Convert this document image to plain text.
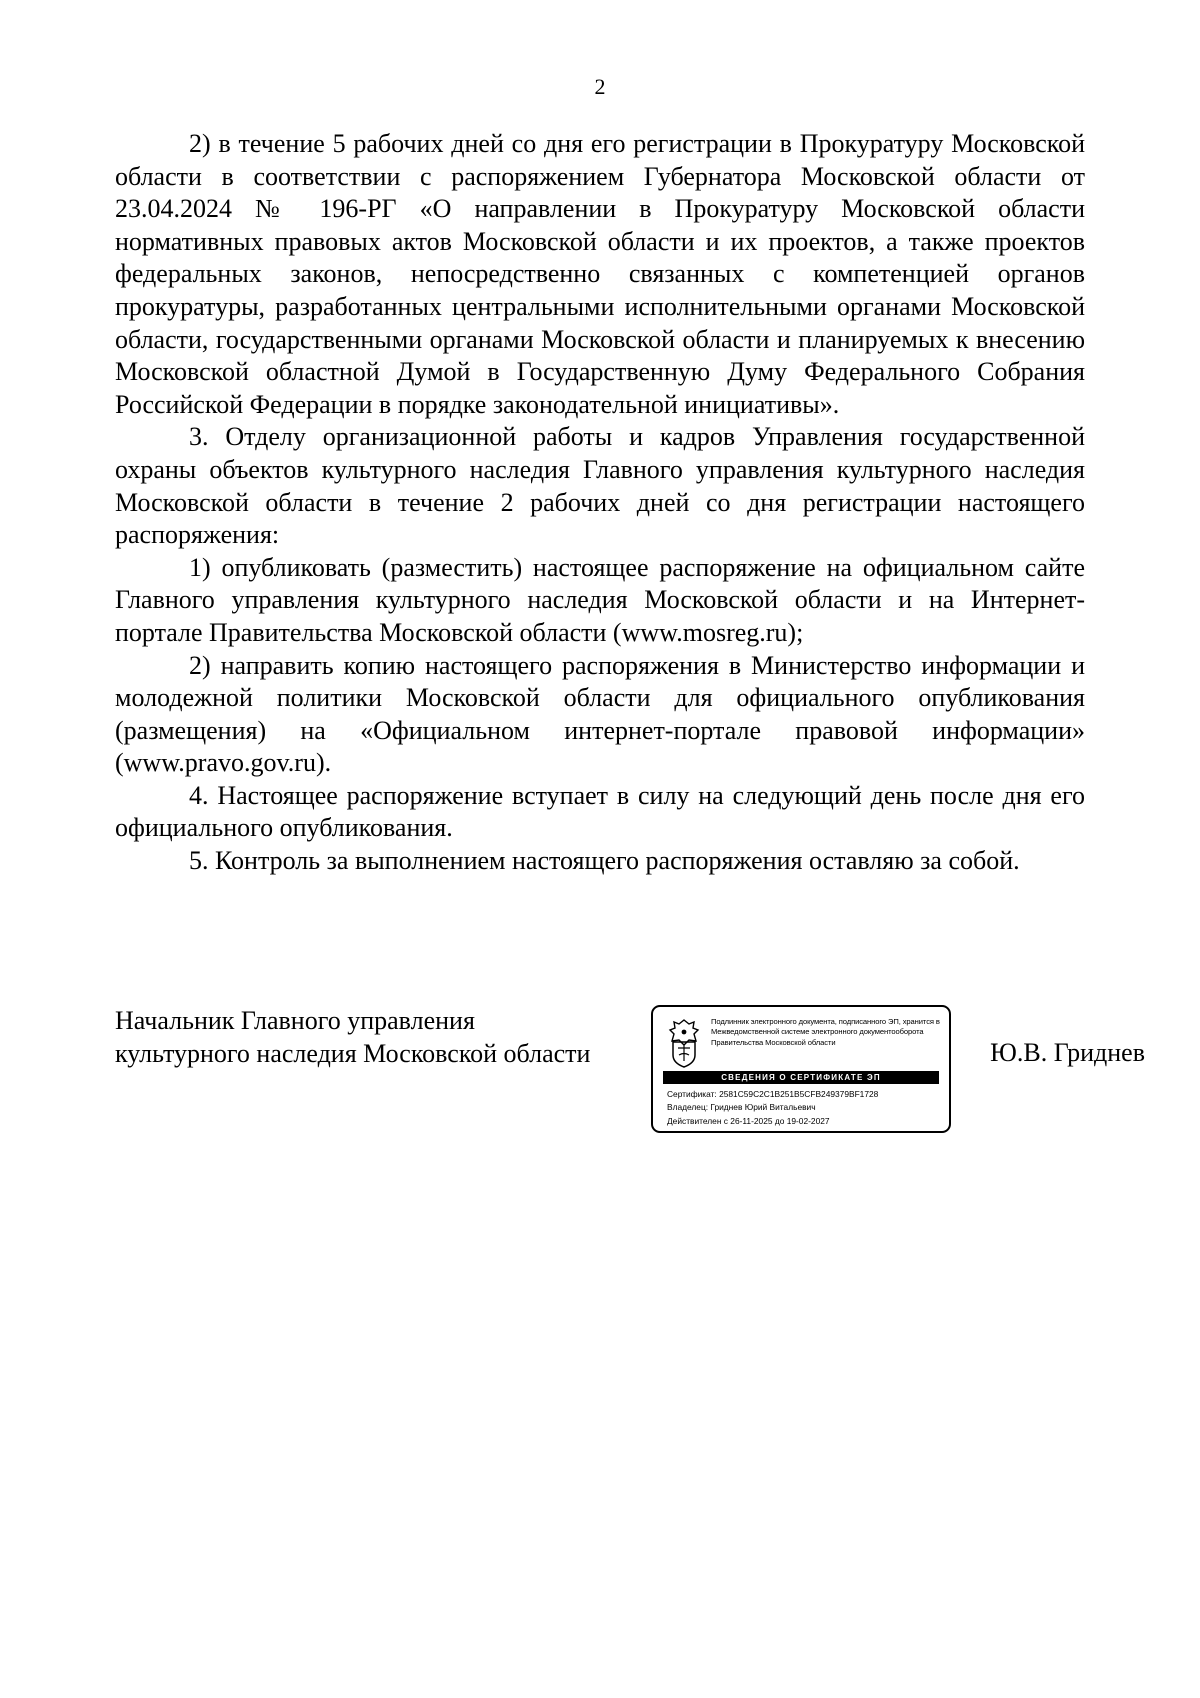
2

2) в течение 5 рабочих дней со дня его регистрации в Прокуратуру Московской области в соответствии с распоряжением Губернатора Московской области от 23.04.2024 № 196-РГ «О направлении в Прокуратуру Московской области нормативных правовых актов Московской области и их проектов, а также проектов федеральных законов, непосредственно связанных с компетенцией органов прокуратуры, разработанных центральными исполнительными органами Московской области, государственными органами Московской области и планируемых к внесению Московской областной Думой в Государственную Думу Федерального Собрания Российской Федерации в порядке законодательной инициативы».

3. Отделу организационной работы и кадров Управления государственной охраны объектов культурного наследия Главного управления культурного наследия Московской области в течение 2 рабочих дней со дня регистрации настоящего распоряжения:

1) опубликовать (разместить) настоящее распоряжение на официальном сайте Главного управления культурного наследия Московской области и на Интернет-портале Правительства Московской области (www.mosreg.ru);

2) направить копию настоящего распоряжения в Министерство информации и молодежной политики Московской области для официального опубликования (размещения) на «Официальном интернет-портале правовой информации» (www.pravo.gov.ru).

4. Настоящее распоряжение вступает в силу на следующий день после дня его официального опубликования.

5. Контроль за выполнением настоящего распоряжения оставляю за собой.

Начальник Главного управления
культурного наследия Московской области
Подлинник электронного документа, подписанного ЭП, хранится в Межведомственной системе электронного документооборота Правительства Московской области
СВЕДЕНИЯ О СЕРТИФИКАТЕ ЭП
Сертификат: 2581C59C2C1B251B5CFB249379BF1728
Владелец: Гриднев Юрий Витальевич
Действителен с 26-11-2025 до 19-02-2027
Ю.В. Гриднев
